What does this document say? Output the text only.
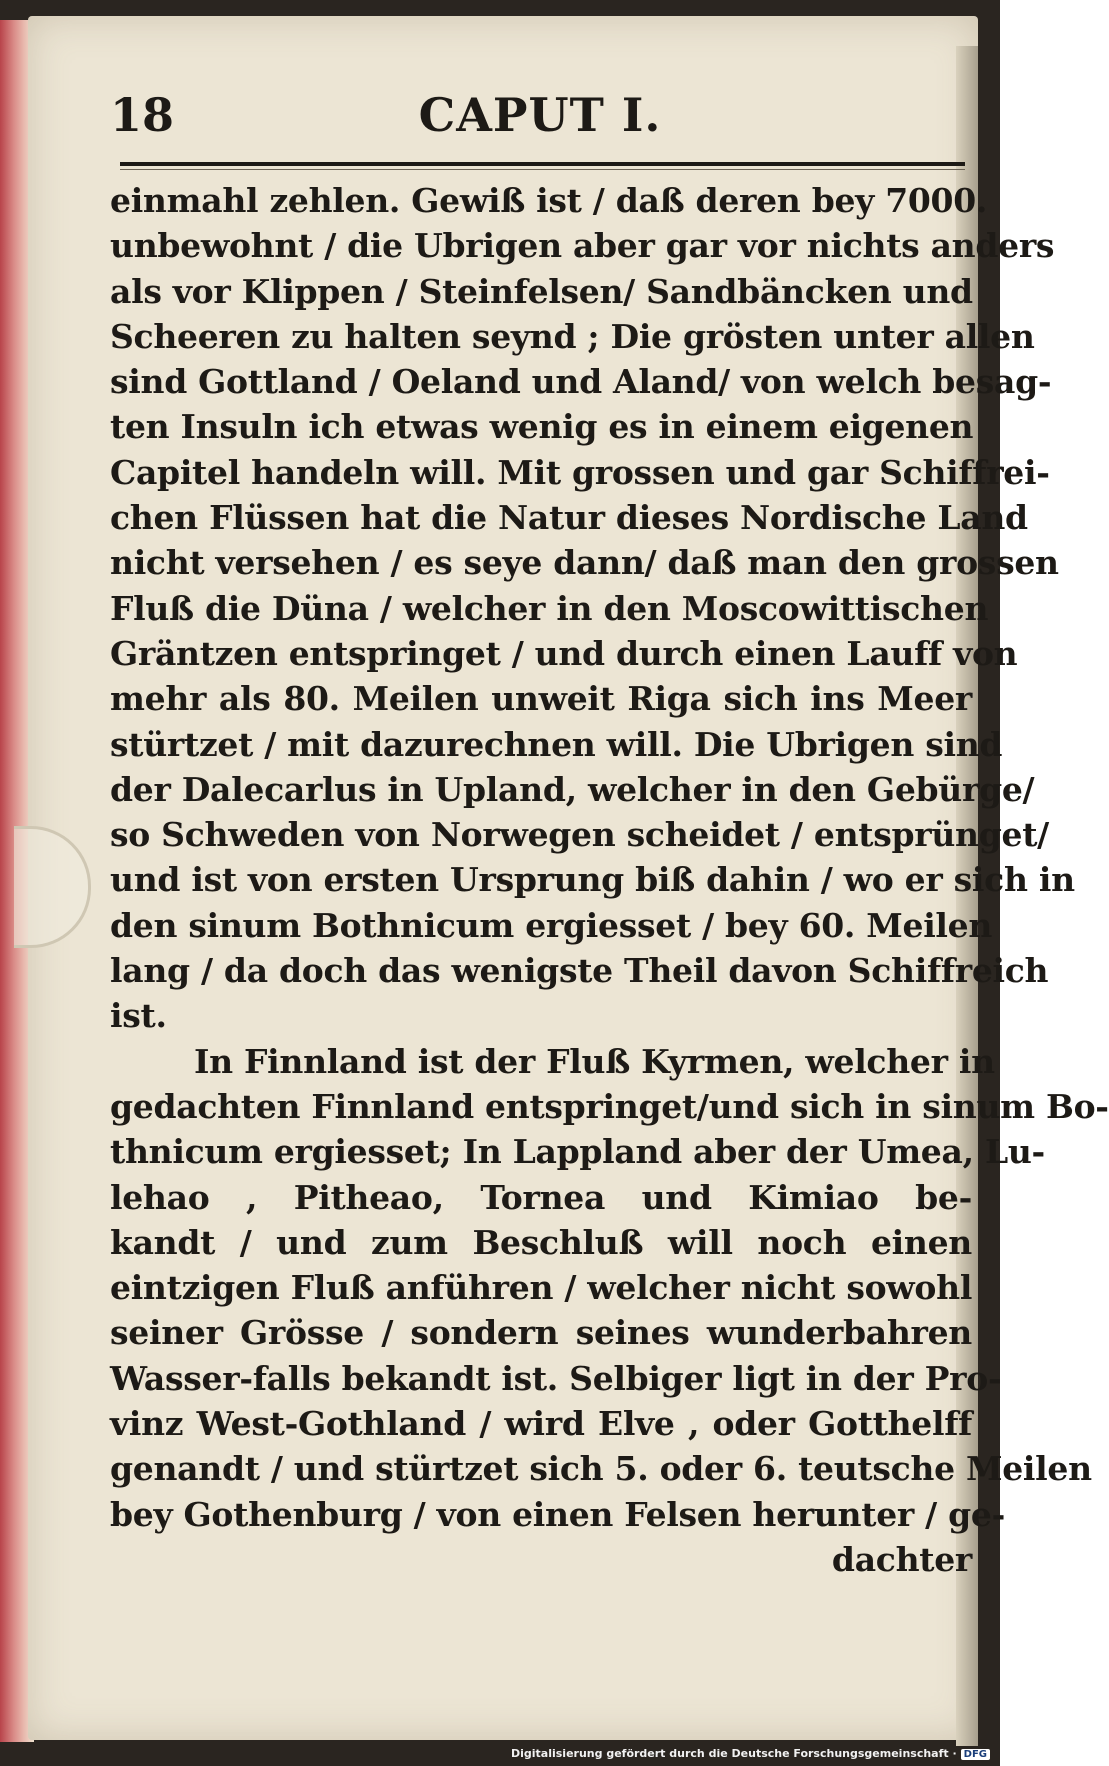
18	CAPUT I.
einmahl zehlen. Gewiß ist / daß deren bey 7000.
unbewohnt / die Ubrigen aber gar vor nichts anders
als vor Klippen / Steinfelsen/ Sandbäncken und
Scheeren zu halten seynd ; Die grösten unter allen
sind Gottland / Oeland und Aland/ von welch besag-
ten Insuln ich etwas wenig es in einem eigenen
Capitel handeln will. Mit grossen und gar Schiffrei-
chen Flüssen hat die Natur dieses Nordische Land
nicht versehen / es seye dann/ daß man den grossen
Fluß die Düna / welcher in den Moscowittischen
Gräntzen entspringet / und durch einen Lauff von
mehr als 80. Meilen unweit Riga sich ins Meer
stürtzet / mit dazurechnen will. Die Ubrigen sind
der Dalecarlus in Upland, welcher in den Gebürge/
so Schweden von Norwegen scheidet / entsprünget/
und ist von ersten Ursprung biß dahin / wo er sich in
den sinum Bothnicum ergiesset / bey 60. Meilen
lang / da doch das wenigste Theil davon Schiffreich
ist.
In Finnland ist der Fluß Kyrmen, welcher in
gedachten Finnland entspringet/und sich in sinum Bo-
thnicum ergiesset; In Lappland aber der Umea, Lu-
lehao , Pitheao, Tornea und Kimiao be-
kandt / und zum Beschluß will noch einen
eintzigen Fluß anführen / welcher nicht sowohl
seiner Grösse / sondern seines wunderbahren
Wasser-falls bekandt ist. Selbiger ligt in der Pro-
vinz West-Gothland / wird Elve , oder Gotthelff
genandt / und stürtzet sich 5. oder 6. teutsche Meilen
bey Gothenburg / von einen Felsen herunter / ge-
dachter
Digitalisierung gefördert durch die Deutsche Forschungsgemeinschaft · DFG
